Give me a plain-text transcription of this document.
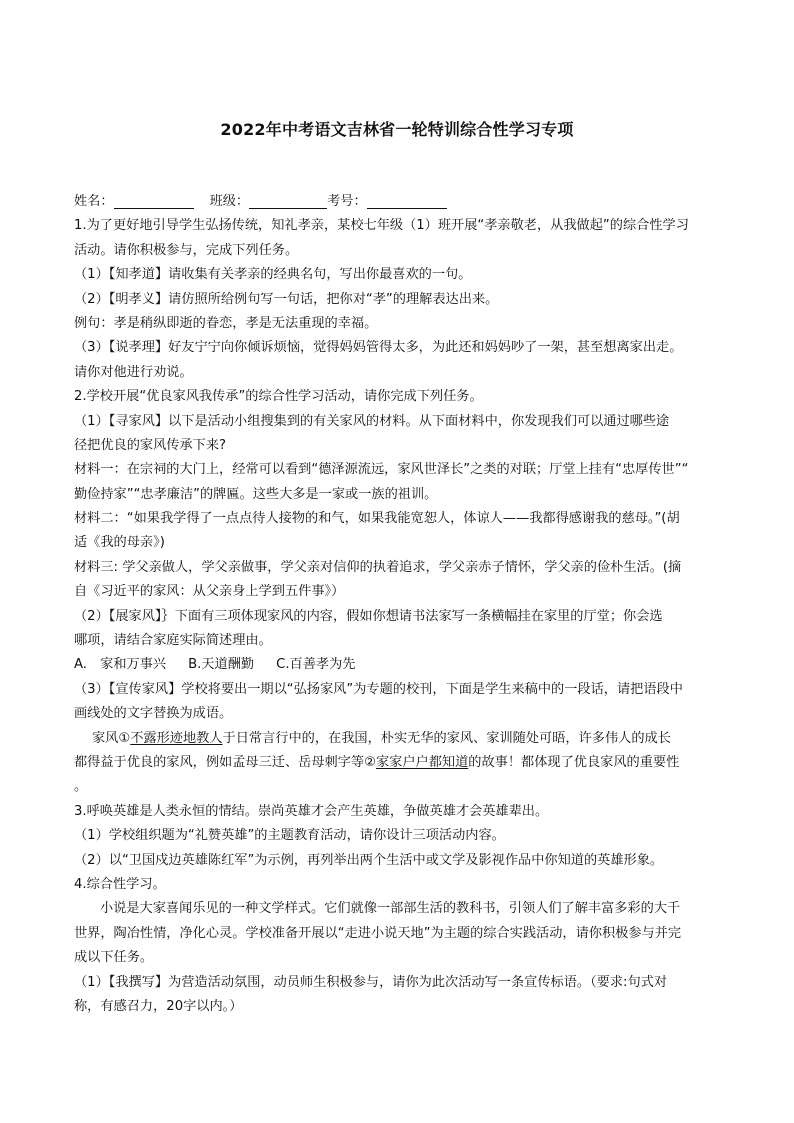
2022年中考语文吉林省一轮特训综合性学习专项
姓名：	班级：	考号：
1.为了更好地引导学生弘扬传统，知礼孝亲，某校七年级（1）班开展“孝亲敬老，从我做起”的综合性学习
活动。请你积极参与，完成下列任务。
（1）【知孝道】请收集有关孝亲的经典名句，写出你最喜欢的一句。
（2）【明孝义】请仿照所给例句写一句话，把你对“孝”的理解表达出来。
例句：孝是稍纵即逝的眷恋，孝是无法重现的幸福。
（3）【说孝理】好友宁宁向你倾诉烦恼，觉得妈妈管得太多，为此还和妈妈吵了一架，甚至想离家出走。
请你对他进行劝说。
2.学校开展“优良家风我传承”的综合性学习活动，请你完成下列任务。
（1）【寻家风】以下是活动小组搜集到的有关家风的材料。从下面材料中，你发现我们可以通过哪些途
径把优良的家风传承下来?
材料一：在宗祠的大门上，经常可以看到“德泽源流远，家风世泽长”之类的对联；厅堂上挂有“忠厚传世”“
勤俭持家”“忠孝廉洁”的牌匾。这些大多是一家或一族的祖训。
材料二：“如果我学得了一点点待人接物的和气，如果我能宽恕人，体谅人——我都得感谢我的慈母。”(胡
适《我的母亲》)
材料三: 学父亲做人，学父亲做事，学父亲对信仰的执着追求，学父亲赤子情怀，学父亲的俭朴生活。(摘
自《习近平的家风：从父亲身上学到五件事》）
（2）【展家风】｝下面有三项体现家风的内容，假如你想请书法家写一条横幅挂在家里的厅堂；你会选
哪项，请结合家庭实际简述理由。
A.　家和万事兴 B.天道酬勤 C.百善孝为先
（3）【宣传家风】学校将要出一期以“弘扬家风”为专题的校刊，下面是学生来稿中的一段话，请把语段中
画线处的文字替换为成语。
家风①不露形迹地教人于日常言行中的，在我国，朴实无华的家风、家训随处可晤，许多伟人的成长
都得益于优良的家风，例如孟母三迁、岳母刺字等②家家户户都知道的故事！都体现了优良家风的重要性
。
3.呼唤英雄是人类永恒的情结。崇尚英雄才会产生英雄，争做英雄才会英雄辈出。
（1）学校组织题为“礼赞英雄”的主题教育活动，请你设计三项活动内容。
（2）以“卫国戍边英雄陈红军”为示例，再列举出两个生活中或文学及影视作品中你知道的英雄形象。
4.综合性学习。
小说是大家喜闻乐见的一种文学样式。它们就像一部部生活的教科书，引领人们了解丰富多彩的大千
世界，陶冶性情，净化心灵。学校准备开展以“走进小说天地”为主题的综合实践活动，请你积极参与并完
成以下任务。
（1）【我撰写】为营造活动氛围，动员师生积极参与，请你为此次活动写一条宣传标语。（要求:句式对
称，有感召力，20字以内。）
